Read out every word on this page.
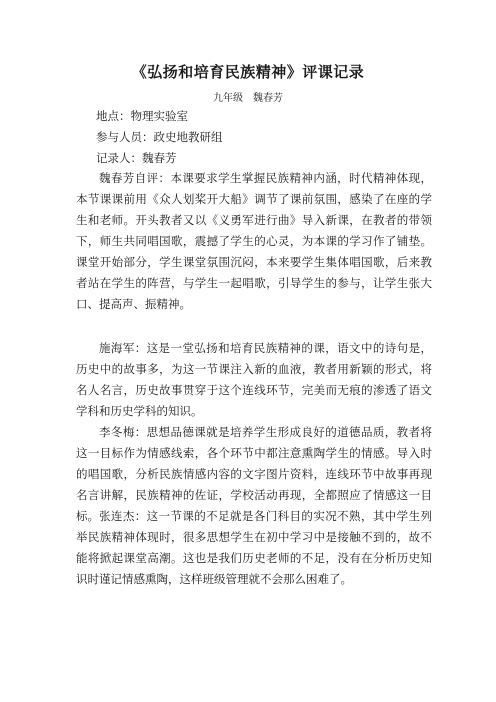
《弘扬和培育民族精神》评课记录
九年级　魏春芳
地点：物理实验室
参与人员：政史地教研组
记录人：魏春芳

魏春芳自评：本课要求学生掌握民族精神内涵，时代精神体现，本节课课前用《众人划桨开大船》调节了课前氛围，感染了在座的学生和老师。开头教者又以《义勇军进行曲》导入新课，在教者的带领下，师生共同唱国歌，震撼了学生的心灵，为本课的学习作了铺垫。课堂开始部分，学生课堂氛围沉闷，本来要学生集体唱国歌，后来教者站在学生的阵营，与学生一起唱歌，引导学生的参与，让学生张大口、提高声、振精神。

施海军：这是一堂弘扬和培育民族精神的课，语文中的诗句是，历史中的故事多，为这一节课注入新的血液，教者用新颖的形式，将名人名言，历史故事贯穿于这个连线环节，完美而无痕的渗透了语文学科和历史学科的知识。

李冬梅：思想品德课就是培养学生形成良好的道德品质，教者将这一目标作为情感线索，各个环节中都注意熏陶学生的情感。导入时的唱国歌，分析民族情感内容的文字图片资料，连线环节中故事再现名言讲解，民族精神的佐证，学校活动再现，全都照应了情感这一目标。 张连杰：这一节课的不足就是各门科目的实况不熟，其中学生列举民族精神体现时，很多思想学生在初中学习中是接触不到的，故不能将掀起课堂高潮。这也是我们历史老师的不足，没有在分析历史知识时谨记情感熏陶，这样班级管理就不会那么困难了。
